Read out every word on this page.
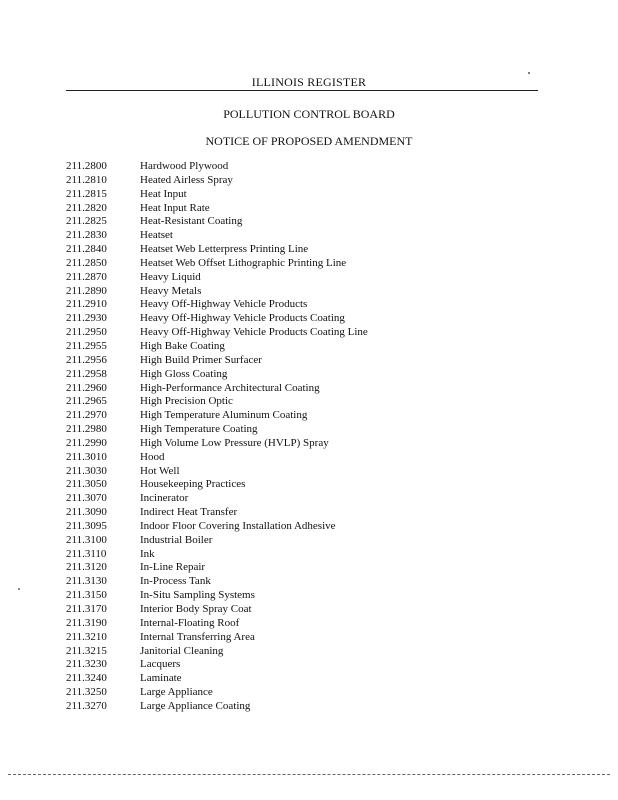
ILLINOIS REGISTER
POLLUTION CONTROL BOARD
NOTICE OF PROPOSED AMENDMENT
211.2800	Hardwood Plywood
211.2810	Heated Airless Spray
211.2815	Heat Input
211.2820	Heat Input Rate
211.2825	Heat-Resistant Coating
211.2830	Heatset
211.2840	Heatset Web Letterpress Printing Line
211.2850	Heatset Web Offset Lithographic Printing Line
211.2870	Heavy Liquid
211.2890	Heavy Metals
211.2910	Heavy Off-Highway Vehicle Products
211.2930	Heavy Off-Highway Vehicle Products Coating
211.2950	Heavy Off-Highway Vehicle Products Coating Line
211.2955	High Bake Coating
211.2956	High Build Primer Surfacer
211.2958	High Gloss Coating
211.2960	High-Performance Architectural Coating
211.2965	High Precision Optic
211.2970	High Temperature Aluminum Coating
211.2980	High Temperature Coating
211.2990	High Volume Low Pressure (HVLP) Spray
211.3010	Hood
211.3030	Hot Well
211.3050	Housekeeping Practices
211.3070	Incinerator
211.3090	Indirect Heat Transfer
211.3095	Indoor Floor Covering Installation Adhesive
211.3100	Industrial Boiler
211.3110	Ink
211.3120	In-Line Repair
211.3130	In-Process Tank
211.3150	In-Situ Sampling Systems
211.3170	Interior Body Spray Coat
211.3190	Internal-Floating Roof
211.3210	Internal Transferring Area
211.3215	Janitorial Cleaning
211.3230	Lacquers
211.3240	Laminate
211.3250	Large Appliance
211.3270	Large Appliance Coating
